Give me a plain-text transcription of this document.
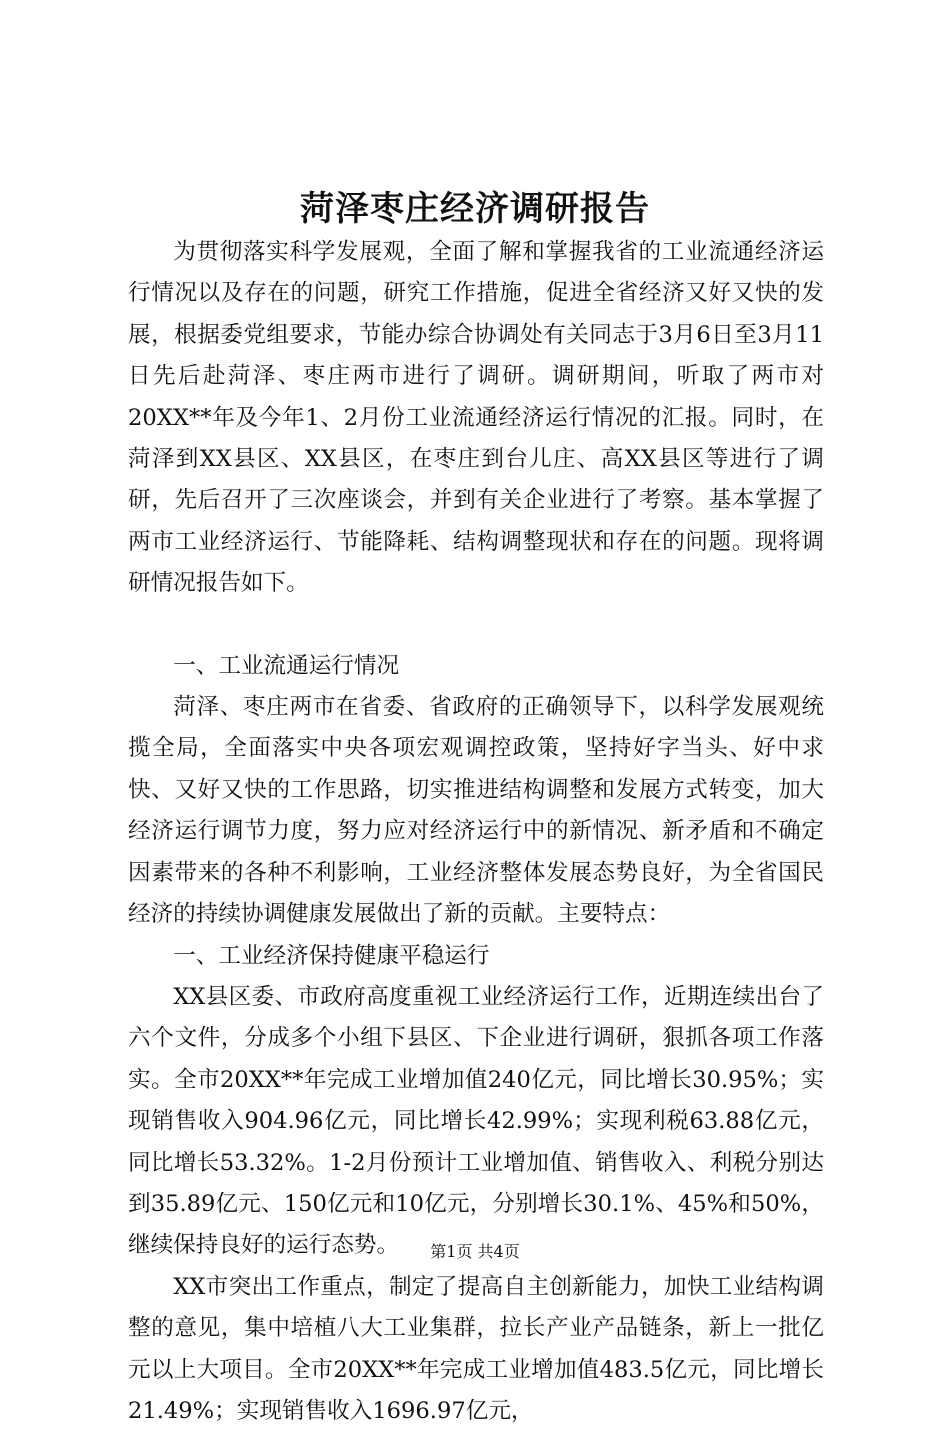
菏泽枣庄经济调研报告

为贯彻落实科学发展观，全面了解和掌握我省的工业流通经济运行情况以及存在的问题，研究工作措施，促进全省经济又好又快的发展，根据委党组要求，节能办综合协调处有关同志于3月6日至3月11日先后赴菏泽、枣庄两市进行了调研。调研期间，听取了两市对20XX**年及今年1、2月份工业流通经济运行情况的汇报。同时，在菏泽到XX县区、XX县区，在枣庄到台儿庄、高XX县区等进行了调研，先后召开了三次座谈会，并到有关企业进行了考察。基本掌握了两市工业经济运行、节能降耗、结构调整现状和存在的问题。现将调研情况报告如下。

一、工业流通运行情况

菏泽、枣庄两市在省委、省政府的正确领导下，以科学发展观统揽全局，全面落实中央各项宏观调控政策，坚持好字当头、好中求快、又好又快的工作思路，切实推进结构调整和发展方式转变，加大经济运行调节力度，努力应对经济运行中的新情况、新矛盾和不确定因素带来的各种不利影响，工业经济整体发展态势良好，为全省国民经济的持续协调健康发展做出了新的贡献。主要特点：

一、工业经济保持健康平稳运行

XX县区委、市政府高度重视工业经济运行工作，近期连续出台了六个文件，分成多个小组下县区、下企业进行调研，狠抓各项工作落实。全市20XX**年完成工业增加值240亿元，同比增长30.95%；实现销售收入904.96亿元，同比增长42.99%；实现利税63.88亿元，同比增长53.32%。1-2月份预计工业增加值、销售收入、利税分别达到35.89亿元、150亿元和10亿元，分别增长30.1%、45%和50%，继续保持良好的运行态势。

XX市突出工作重点，制定了提高自主创新能力，加快工业结构调整的意见，集中培植八大工业集群，拉长产业产品链条，新上一批亿元以上大项目。全市20XX**年完成工业增加值483.5亿元，同比增长21.49%；实现销售收入1696.97亿元，

第1页 共4页
